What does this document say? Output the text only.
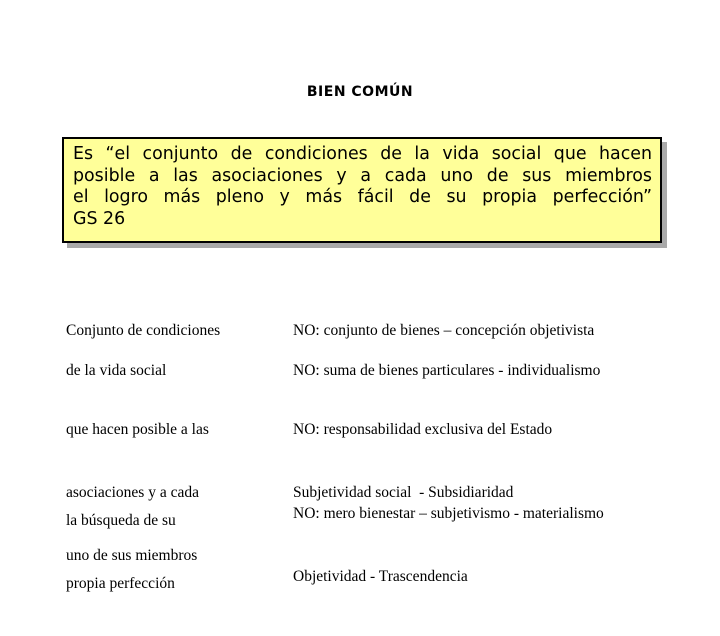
BIEN COMÚN
Es “el conjunto de condiciones de la vida social que hacen
posible a las asociaciones y a cada uno de sus miembros
el logro más pleno y más fácil de su propia perfección”
GS 26

Conjunto de condiciones

	NO: conjunto de bienes – concepción objetivista

de la vida social

	NO: suma de bienes particulares - individualismo

que hacen posible a las

asociaciones y a cada

uno de sus miembros

NO: responsabilidad exclusiva del Estado

Subjetividad social  - Subsidiaridad

la búsqueda de su

propia perfección

NO: mero bienestar – subjetivismo - materialismo

Objetividad - Trascendencia
